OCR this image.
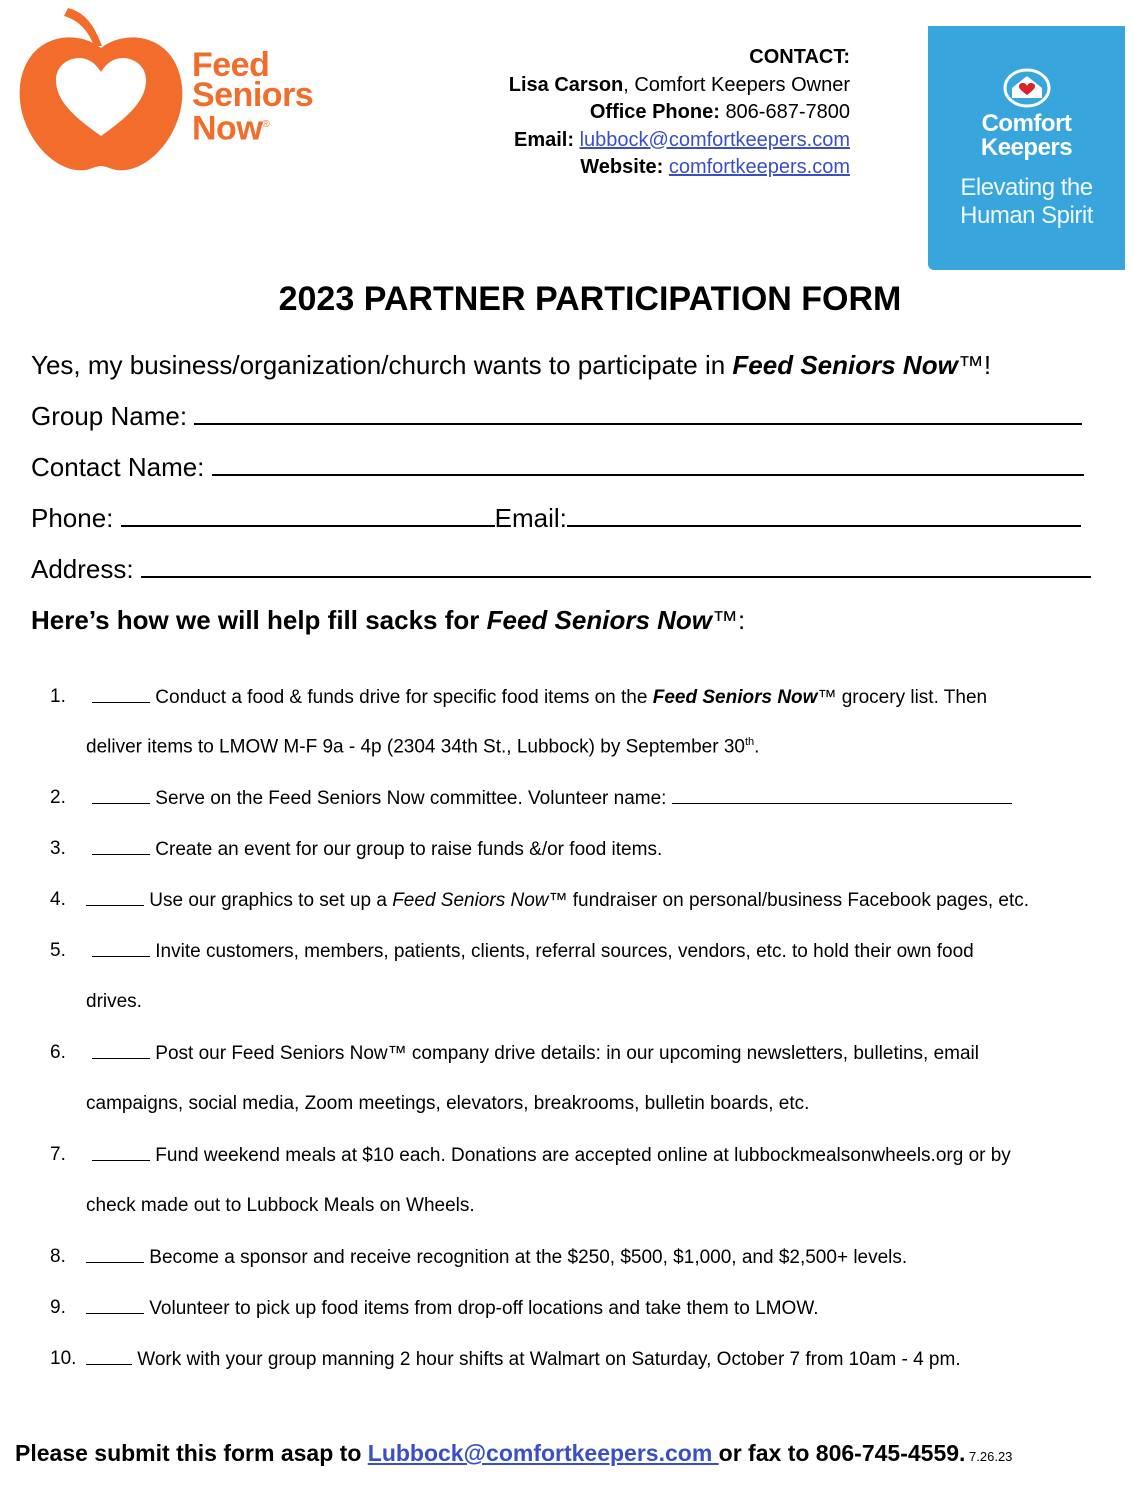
Feed
Seniors
Now®
CONTACT:
Lisa Carson, Comfort Keepers Owner
Office Phone: 806-687-7800
Email: lubbock@comfortkeepers.com
Website: comfortkeepers.com
Comfort
Keepers
Elevating the
Human Spirit
2023 PARTNER PARTICIPATION FORM
Yes, my business/organization/church wants to participate in Feed Seniors Now™!
Group Name:
Contact Name:
Phone:	Email:
Address:
Here’s how we will help fill sacks for Feed Seniors Now™:
1.	Conduct a food & funds drive for specific food items on the Feed Seniors Now™ grocery list. Then
deliver items to LMOW M-F 9a - 4p (2304 34th St., Lubbock) by September 30th.
2.	Serve on the Feed Seniors Now committee. Volunteer name:
3.	Create an event for our group to raise funds &/or food items.
4.	Use our graphics to set up a Feed Seniors Now™ fundraiser on personal/business Facebook pages, etc.
5.	Invite customers, members, patients, clients, referral sources, vendors, etc. to hold their own food
drives.
6.	Post our Feed Seniors Now™ company drive details: in our upcoming newsletters, bulletins, email
campaigns, social media, Zoom meetings, elevators, breakrooms, bulletin boards, etc.
7.	Fund weekend meals at $10 each. Donations are accepted online at lubbockmealsonwheels.org or by
check made out to Lubbock Meals on Wheels.
8.	Become a sponsor and receive recognition at the $250, $500, $1,000, and $2,500+ levels.
9.	Volunteer to pick up food items from drop-off locations and take them to LMOW.
10.	Work with your group manning 2 hour shifts at Walmart on Saturday, October 7 from 10am - 4 pm.
Please submit this form asap to Lubbock@comfortkeepers.com or fax to 806-745-4559. 7.26.23
